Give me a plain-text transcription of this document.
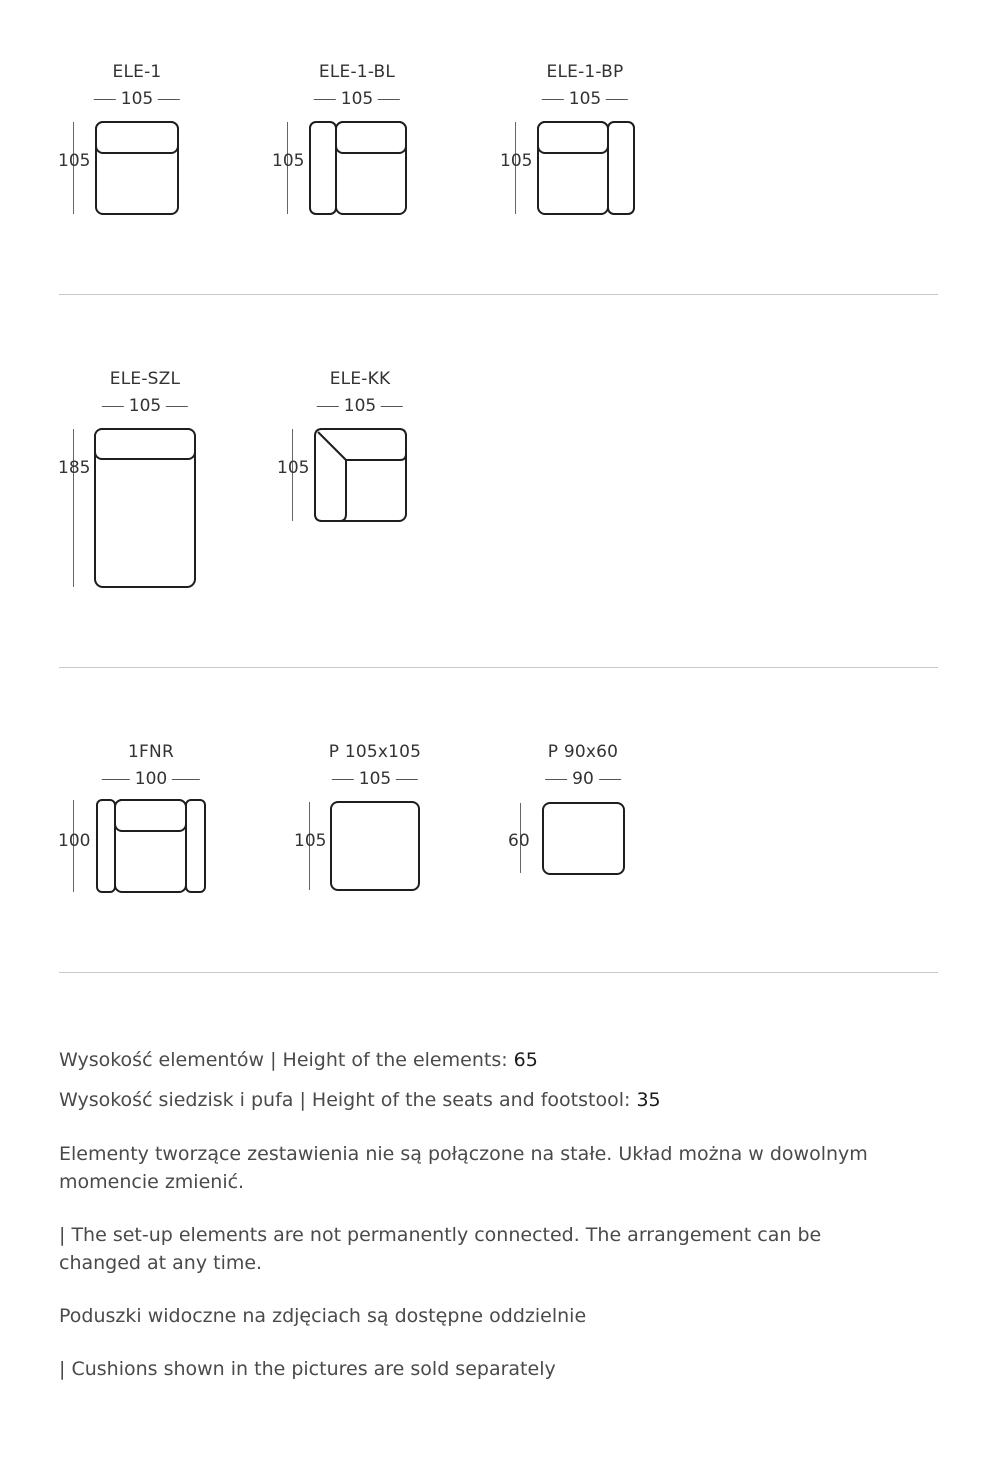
ELE-1
105
105
ELE-1-BL
105
105
ELE-1-BP
105
105
ELE-SZL
105
185
ELE-KK
105
105
1FNR
100
100
P 105x105
105
105
P 90x60
90
60
Wysokość elementów | Height of the elements: 65
Wysokość siedzisk i pufa | Height of the seats and footstool: 35
Elementy tworzące zestawienia nie są połączone na stałe. Układ można w dowolnym momencie zmienić.
| The set-up elements are not permanently connected. The arrangement can be changed at any time.
Poduszki widoczne na zdjęciach są dostępne oddzielnie
| Cushions shown in the pictures are sold separately
